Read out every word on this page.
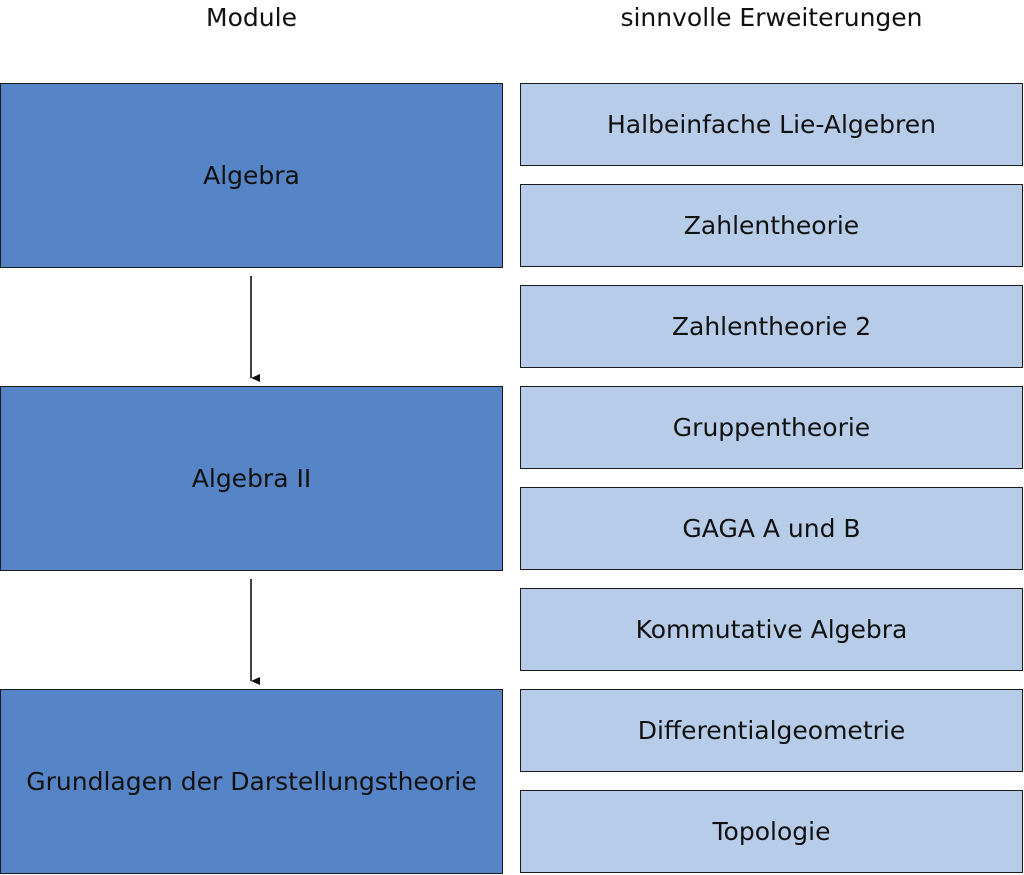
Module	sinnvolle Erweiterungen
Algebra
Algebra II
Grundlagen der Darstellungstheorie
Halbeinfache Lie-Algebren
Zahlentheorie
Zahlentheorie 2
Gruppentheorie
GAGA A und B
Kommutative Algebra
Differentialgeometrie
Topologie
